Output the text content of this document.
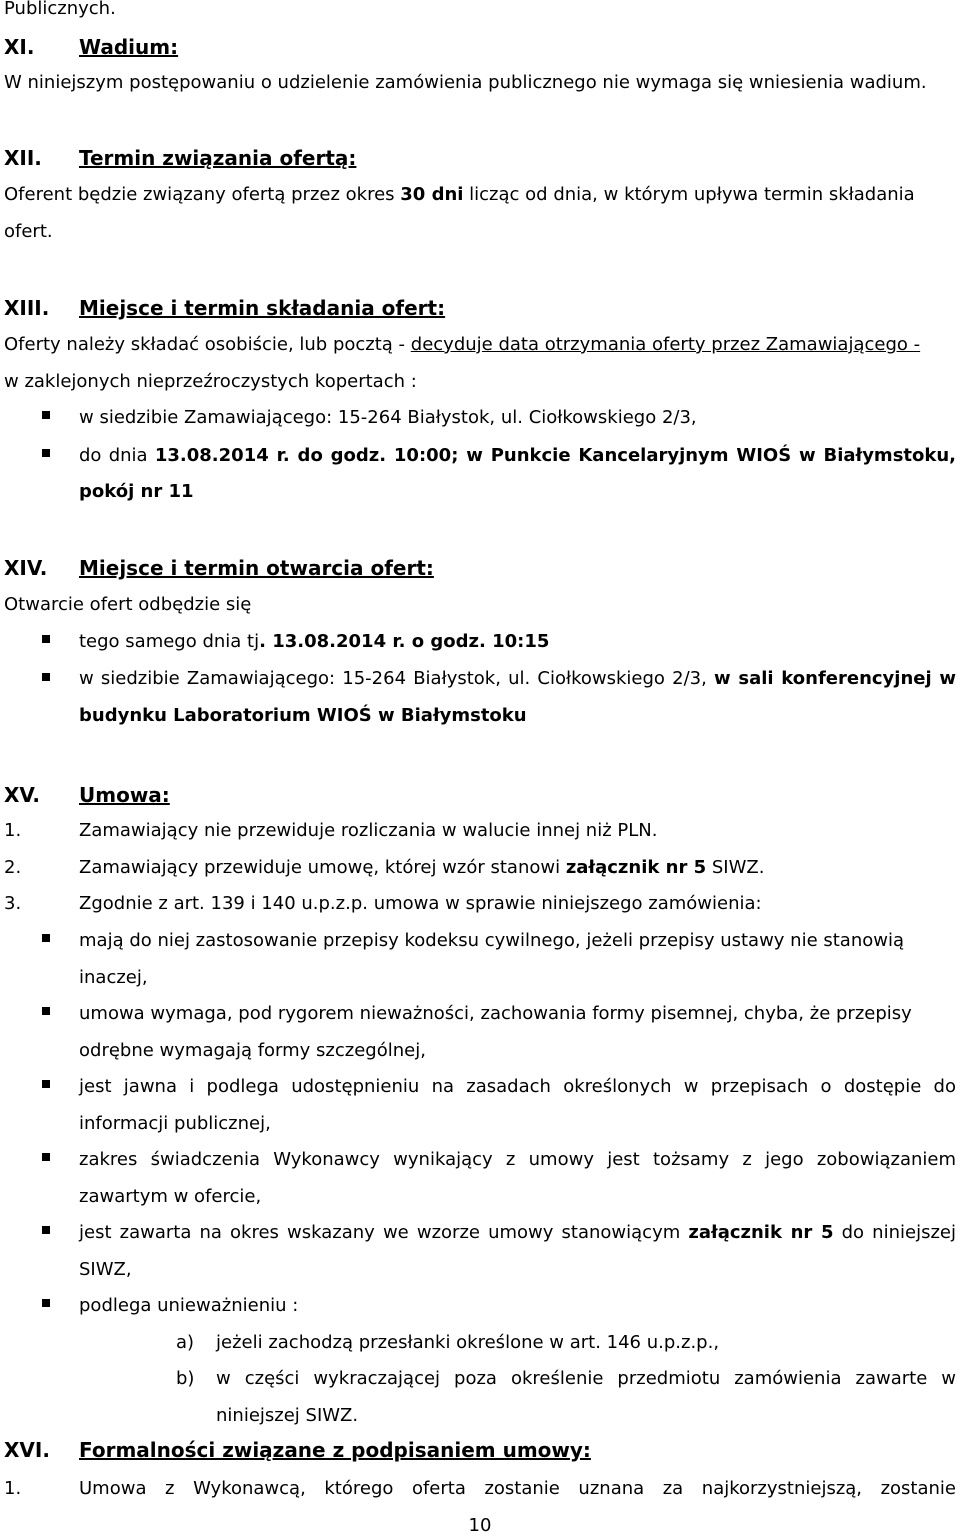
Publicznych.
XI. Wadium:
W niniejszym postępowaniu o udzielenie zamówienia publicznego nie wymaga się wniesienia wadium.
XII. Termin związania ofertą:
Oferent będzie związany ofertą przez okres 30 dni licząc od dnia, w którym upływa termin składania
ofert.
XIII. Miejsce i termin składania ofert:
Oferty należy składać osobiście, lub pocztą - decyduje data otrzymania oferty przez Zamawiającego -
w zaklejonych nieprzeźroczystych kopertach :
w siedzibie Zamawiającego: 15-264 Białystok, ul. Ciołkowskiego 2/3,
do dnia 13.08.2014 r. do godz. 10:00; w Punkcie Kancelaryjnym WIOŚ w Białymstoku,
pokój nr 11
XIV. Miejsce i termin otwarcia ofert:
Otwarcie ofert odbędzie się
tego samego dnia tj. 13.08.2014 r. o godz. 10:15
w siedzibie Zamawiającego: 15-264 Białystok, ul. Ciołkowskiego 2/3, w sali konferencyjnej w
budynku Laboratorium WIOŚ w Białymstoku
XV. Umowa:
1.	Zamawiający nie przewiduje rozliczania w walucie innej niż PLN.
2.	Zamawiający przewiduje umowę, której wzór stanowi załącznik nr 5 SIWZ.
3.	Zgodnie z art. 139 i 140 u.p.z.p. umowa w sprawie niniejszego zamówienia:
mają do niej zastosowanie przepisy kodeksu cywilnego, jeżeli przepisy ustawy nie stanowią
inaczej,
umowa wymaga, pod rygorem nieważności, zachowania formy pisemnej, chyba, że przepisy
odrębne wymagają formy szczególnej,
jest jawna i podlega udostępnieniu na zasadach określonych w przepisach o dostępie do
informacji publicznej,
zakres świadczenia Wykonawcy wynikający z umowy jest tożsamy z jego zobowiązaniem
zawartym w ofercie,
jest zawarta na okres wskazany we wzorze umowy stanowiącym załącznik nr 5 do niniejszej
SIWZ,
podlega unieważnieniu :
a) jeżeli zachodzą przesłanki określone w art. 146 u.p.z.p.,
b) w części wykraczającej poza określenie przedmiotu zamówienia zawarte w
niniejszej SIWZ.
XVI. Formalności związane z podpisaniem umowy:
1.	Umowa z Wykonawcą, którego oferta zostanie uznana za najkorzystniejszą, zostanie
10
